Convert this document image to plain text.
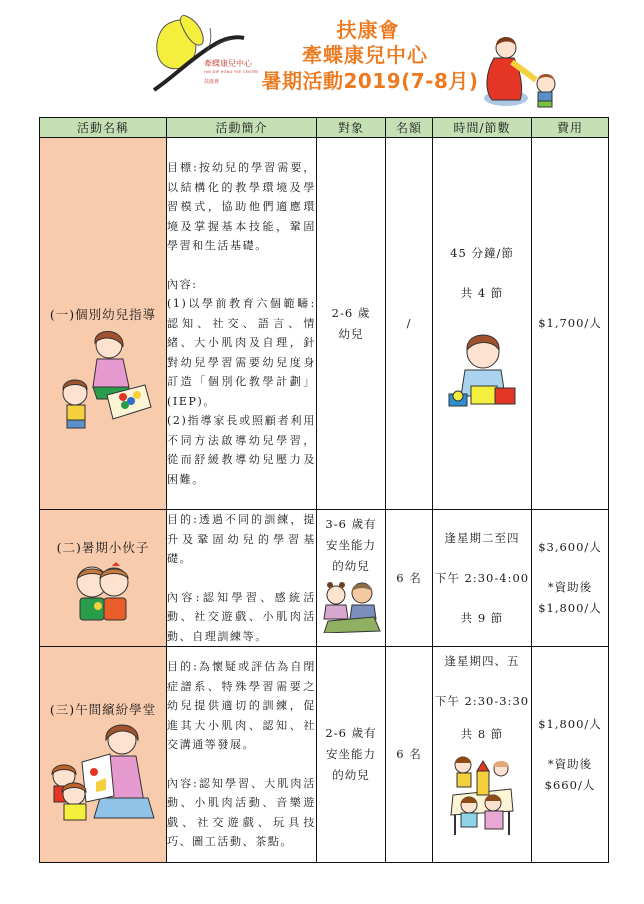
牽蝶康兒中心
HIN DIP HONG YEE CENTRE
扶康會
扶康會
牽蝶康兒中心
暑期活動2019(7-8月)
活動名稱	活動簡介	對象	名額	時間/節數	費用

(一)個別幼兒指導	目標:按幼兒的學習需要，以結構化的教學環境及學習模式，協助他們適應環境及掌握基本技能，鞏固學習和生活基礎。
內容:
(1)以學前教育六個範疇:認知、社交、語言、情緒、大小肌肉及自理，針對幼兒學習需要幼兒度身訂造「個別化教學計劃」(IEP)。
(2)指導家長或照顧者利用不同方法啟導幼兒學習，從而舒緩教導幼兒壓力及困難。	2-6 歲
幼兒	/	45 分鐘/節
共 4 節	$1,700/人

(二)暑期小伙子	目的:透過不同的訓練，提升及鞏固幼兒的學習基礎。
內容:認知學習、感統活動、社交遊戲、小肌肉活動、自理訓練等。	3-6 歲有
安坐能力
的幼兒	6 名	逢星期二至四
下午 2:30-4:00
共 9 節	$3,600/人
*資助後
$1,800/人

(三)午間繽紛學堂	目的:為懷疑或評估為自閉症譜系、特殊學習需要之幼兒提供適切的訓練，促進其大小肌肉、認知、社交溝通等發展。
內容:認知學習、大肌肉活動、小肌肉活動、音樂遊戲、社交遊戲、玩具技巧、圖工活動、茶點。	2-6 歲有
安坐能力
的幼兒	6 名	逢星期四、五
下午 2:30-3:30
共 8 節	$1,800/人
*資助後
$660/人
